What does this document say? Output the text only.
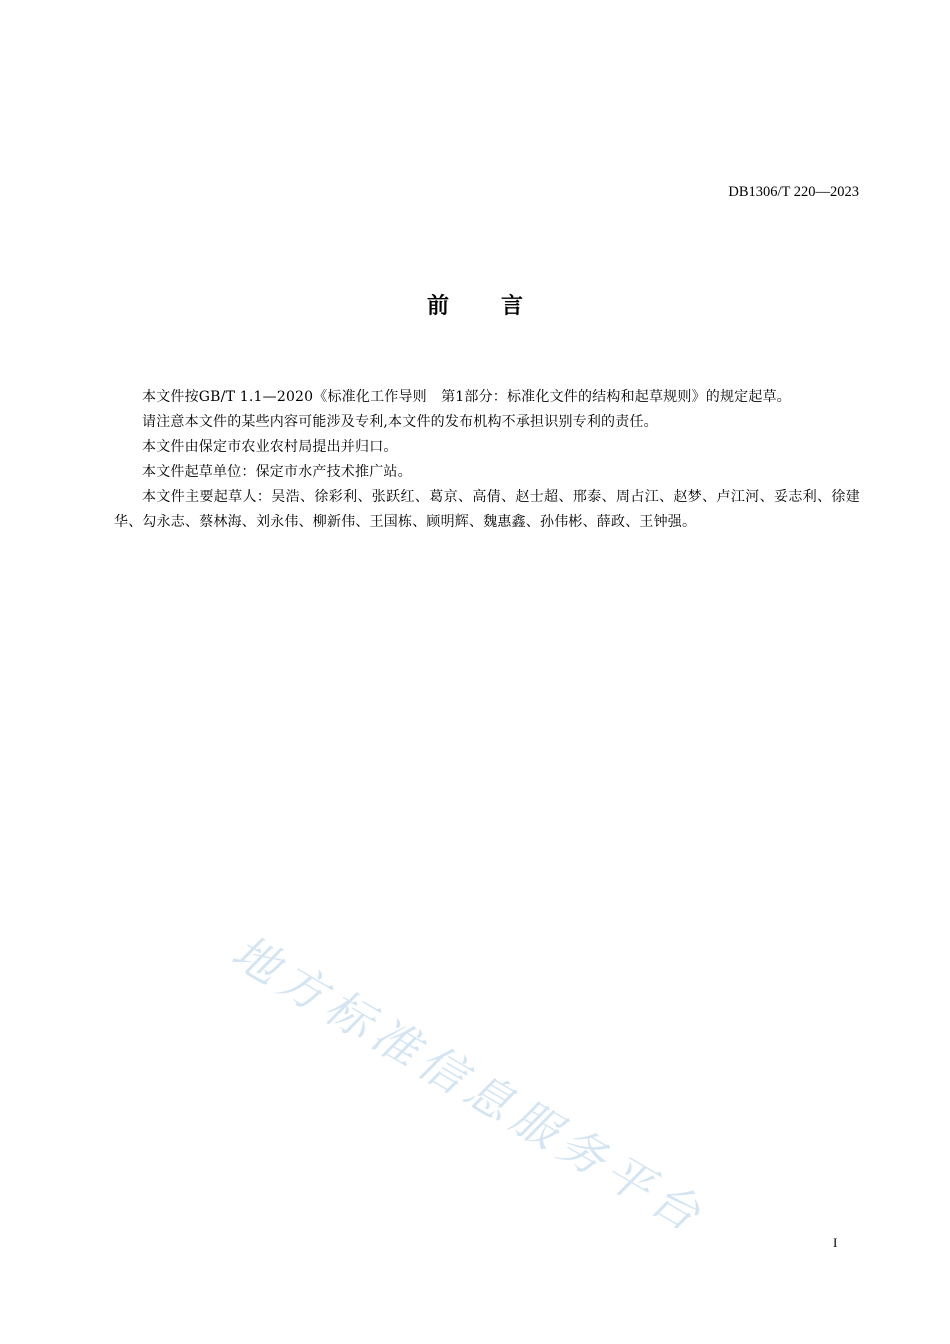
DB1306/T 220—2023
前 言

本文件按GB/T 1.1—2020《标准化工作导则　第1部分：标准化文件的结构和起草规则》的规定起草。

请注意本文件的某些内容可能涉及专利,本文件的发布机构不承担识别专利的责任。

本文件由保定市农业农村局提出并归口。

本文件起草单位：保定市水产技术推广站。

本文件主要起草人：吴浩、徐彩利、张跃红、葛京、高倩、赵士超、邢泰、周占江、赵梦、卢江河、妥志利、徐建华、勾永志、蔡林海、刘永伟、柳新伟、王国栋、顾明辉、魏惠鑫、孙伟彬、薛政、王钟强。

地方标准信息服务平台	I
